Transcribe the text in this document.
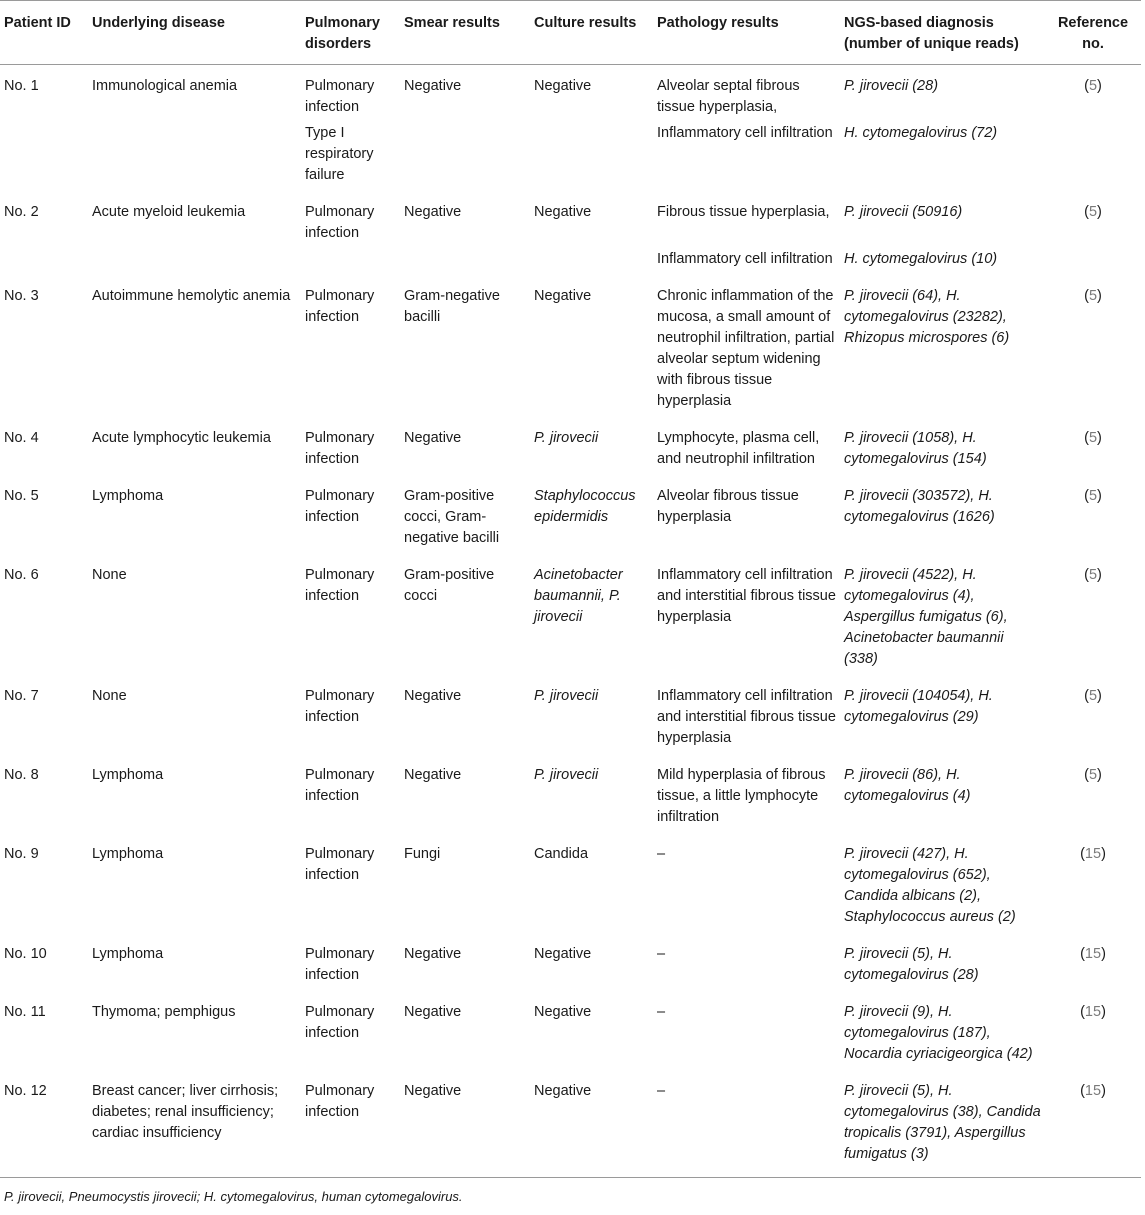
Patient ID	Underlying disease	Pulmonary disorders	Smear results	Culture results	Pathology results	NGS-based diagnosis (number of unique reads)	Reference no.
No. 1	Immunological anemia	Pulmonary infection	Negative	Negative	Alveolar septal fibrous tissue hyperplasia,	P. jirovecii (28)	(5)
		Type I respiratory failure			Inflammatory cell infiltration	H. cytomegalovirus (72)	
No. 2	Acute myeloid leukemia	Pulmonary infection	Negative	Negative	Fibrous tissue hyperplasia,	P. jirovecii (50916)	(5)
					Inflammatory cell infiltration	H. cytomegalovirus (10)	
No. 3	Autoimmune hemolytic anemia	Pulmonary infection	Gram-negative bacilli	Negative	Chronic inflammation of the mucosa, a small amount of neutrophil infiltration, partial alveolar septum widening with fibrous tissue hyperplasia	P. jirovecii (64), H. cytomegalovirus (23282), Rhizopus microspores (6)	(5)
No. 4	Acute lymphocytic leukemia	Pulmonary infection	Negative	P. jirovecii	Lymphocyte, plasma cell, and neutrophil infiltration	P. jirovecii (1058), H. cytomegalovirus (154)	(5)
No. 5	Lymphoma	Pulmonary infection	Gram-positive cocci, Gram-negative bacilli	Staphylococcus epidermidis	Alveolar fibrous tissue hyperplasia	P. jirovecii (303572), H. cytomegalovirus (1626)	(5)
No. 6	None	Pulmonary infection	Gram-positive cocci	Acinetobacter baumannii, P. jirovecii	Inflammatory cell infiltration and interstitial fibrous tissue hyperplasia	P. jirovecii (4522), H. cytomegalovirus (4), Aspergillus fumigatus (6), Acinetobacter baumannii (338)	(5)
No. 7	None	Pulmonary infection	Negative	P. jirovecii	Inflammatory cell infiltration and interstitial fibrous tissue hyperplasia	P. jirovecii (104054), H. cytomegalovirus (29)	(5)
No. 8	Lymphoma	Pulmonary infection	Negative	P. jirovecii	Mild hyperplasia of fibrous tissue, a little lymphocyte infiltration	P. jirovecii (86), H. cytomegalovirus (4)	(5)
No. 9	Lymphoma	Pulmonary infection	Fungi	Candida	–	P. jirovecii (427), H. cytomegalovirus (652), Candida albicans (2), Staphylococcus aureus (2)	(15)
No. 10	Lymphoma	Pulmonary infection	Negative	Negative	–	P. jirovecii (5), H. cytomegalovirus (28)	(15)
No. 11	Thymoma; pemphigus	Pulmonary infection	Negative	Negative	–	P. jirovecii (9), H. cytomegalovirus (187), Nocardia cyriacigeorgica (42)	(15)
No. 12	Breast cancer; liver cirrhosis; diabetes; renal insufficiency; cardiac insufficiency	Pulmonary infection	Negative	Negative	–	P. jirovecii (5), H. cytomegalovirus (38), Candida tropicalis (3791), Aspergillus fumigatus (3)	(15)
P. jirovecii, Pneumocystis jirovecii; H. cytomegalovirus, human cytomegalovirus.
